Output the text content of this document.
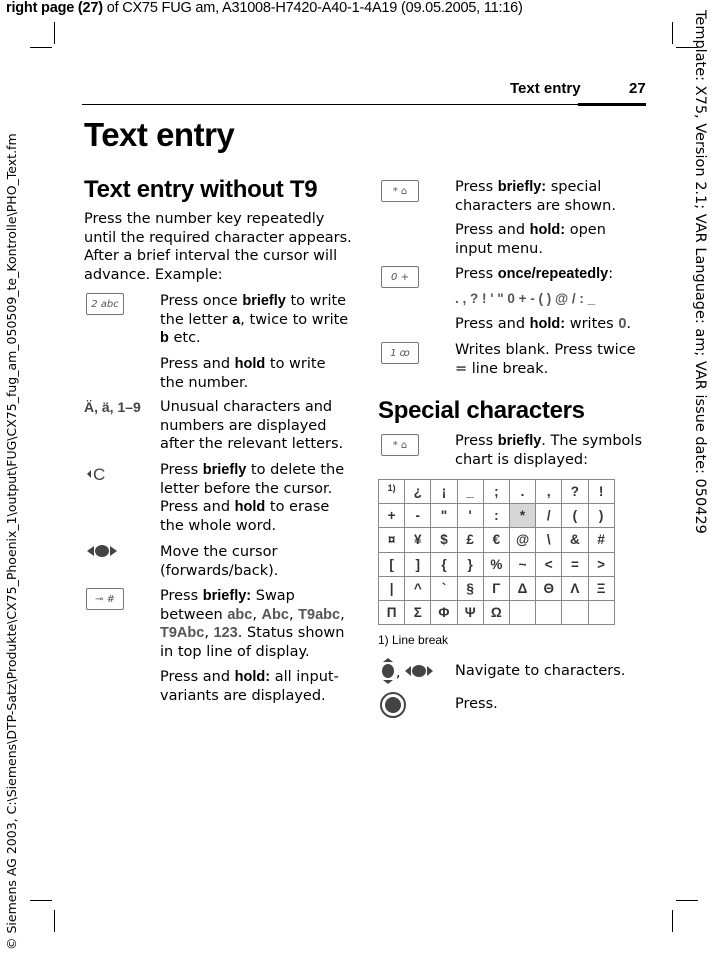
right page (27) of CX75 FUG am, A31008-H7420-A40-1-4A19 (09.05.2005, 11:16)
Template: X75, Version 2.1; VAR Language: am; VAR issue date: 050429
© Siemens AG 2003, C:\Siemens\DTP-Satz\Produkte\CX75_Phoenix_1\output\FUG\CX75_fug_am_050509_te_Kontrolle\PHO_Text.fm
Text entry	27
Text entry
Text entry without T9
Press the number key repeatedly until the required character appears. After a brief interval the cursor will advance. Example:
2 abc	Press once briefly to write the letter a, twice to write b etc.
Press and hold to write the number.
Ä, ä, 1–9 Unusual characters and numbers are displayed after the relevant letters.
C	Press briefly to delete the letter before the cursor. Press and hold to erase the whole word.
Move the cursor (forwards/back).
⊸ #	Press briefly: Swap between abc, Abc, T9abc, T9Abc, 123. Status shown in top line of display.
Press and hold: all input-variants are displayed.
* ⌂	Press briefly: special characters are shown.
Press and hold: open input menu.
0 +	Press once/repeatedly:
. , ? ! ' " 0 + - ( ) @ / : _
Press and hold: writes 0.
1 ꝏ	Writes blank. Press twice = line break.
Special characters
* ⌂	Press briefly. The symbols chart is displayed:
$^{1)}$	¿	¡	_	;	.	,	?	!
+	-	"	'	:	*	/	(	)
¤	¥	$	£	€	@	\	&	#
[	]	{	}	%	~	<	=	>
|	^	`	§	Γ	Δ	Θ	Λ	Ξ
Π	Σ	Φ	Ψ	Ω				
1) Line break
,	Navigate to characters.
Press.
